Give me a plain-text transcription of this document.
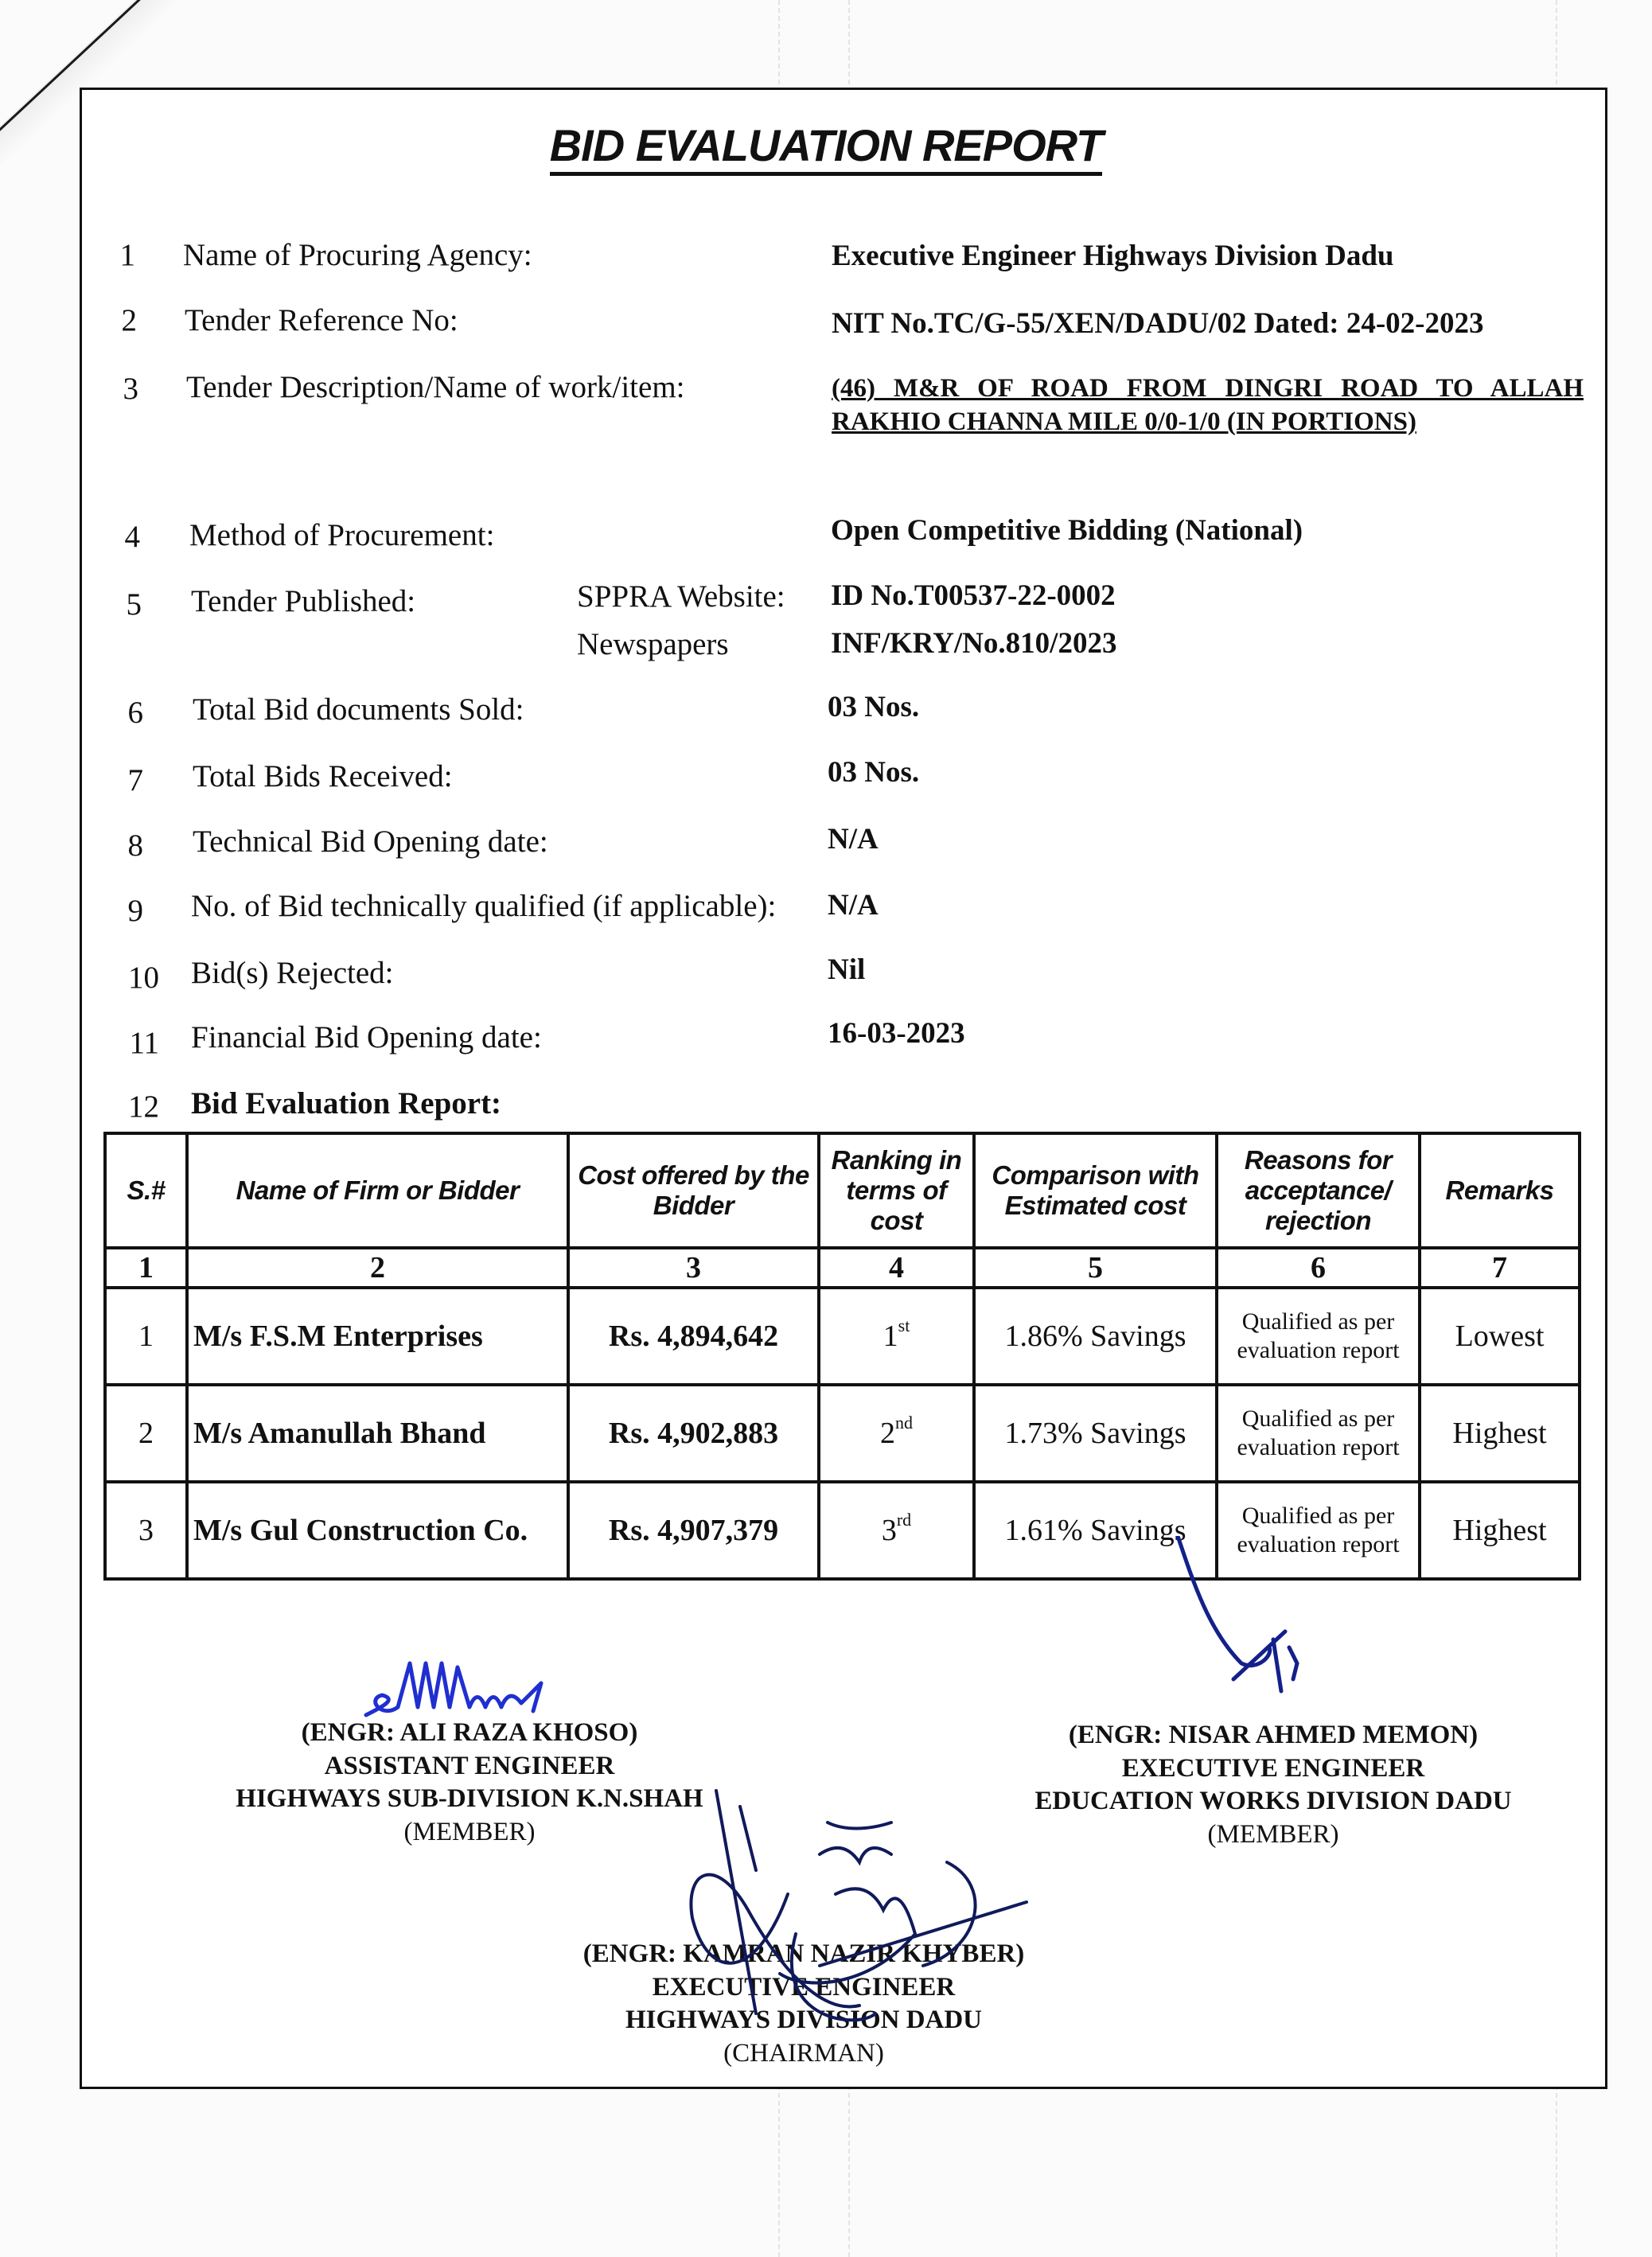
BID EVALUATION REPORT
1 Name of Procuring Agency:	Executive Engineer Highways Division Dadu
2 Tender Reference No:	NIT No.TC/G-55/XEN/DADU/02 Dated: 24-02-2023
3 Tender Description/Name of work/item:	(46) M&R OF ROAD FROM DINGRI ROAD TO ALLAH RAKHIO CHANNA MILE 0/0-1/0 (IN PORTIONS)
4 Method of Procurement:	Open Competitive Bidding (National)
5 Tender Published:	SPPRA Website: ID No.T00537-22-0002
Newspapers	INF/KRY/No.810/2023
6 Total Bid documents Sold:	03 Nos.
7 Total Bids Received:	03 Nos.
8 Technical Bid Opening date:	N/A
9 No. of Bid technically qualified (if applicable): N/A
10 Bid(s) Rejected:	Nil
11 Financial Bid Opening date:	16-03-2023
12 Bid Evaluation Report:
S.#	Name of Firm or Bidder	Cost offered by the Bidder	Ranking in terms of cost	Comparison with Estimated cost	Reasons for acceptance/ rejection	Remarks
1	2	3	4	5	6	7
1	M/s F.S.M Enterprises	Rs. 4,894,642	1st	1.86% Savings	Qualified as per evaluation report	Lowest
2	M/s Amanullah Bhand	Rs. 4,902,883	2nd	1.73% Savings	Qualified as per evaluation report	Highest
3	M/s Gul Construction Co.	Rs. 4,907,379	3rd	1.61% Savings	Qualified as per evaluation report	Highest
(ENGR: ALI RAZA KHOSO)
ASSISTANT ENGINEER
HIGHWAYS SUB-DIVISION K.N.SHAH
(MEMBER)
(ENGR: NISAR AHMED MEMON)
EXECUTIVE ENGINEER
EDUCATION WORKS DIVISION DADU
(MEMBER)
(ENGR: KAMRAN NAZIR KHYBER)
EXECUTIVE ENGINEER
HIGHWAYS DIVISION DADU
(CHAIRMAN)
